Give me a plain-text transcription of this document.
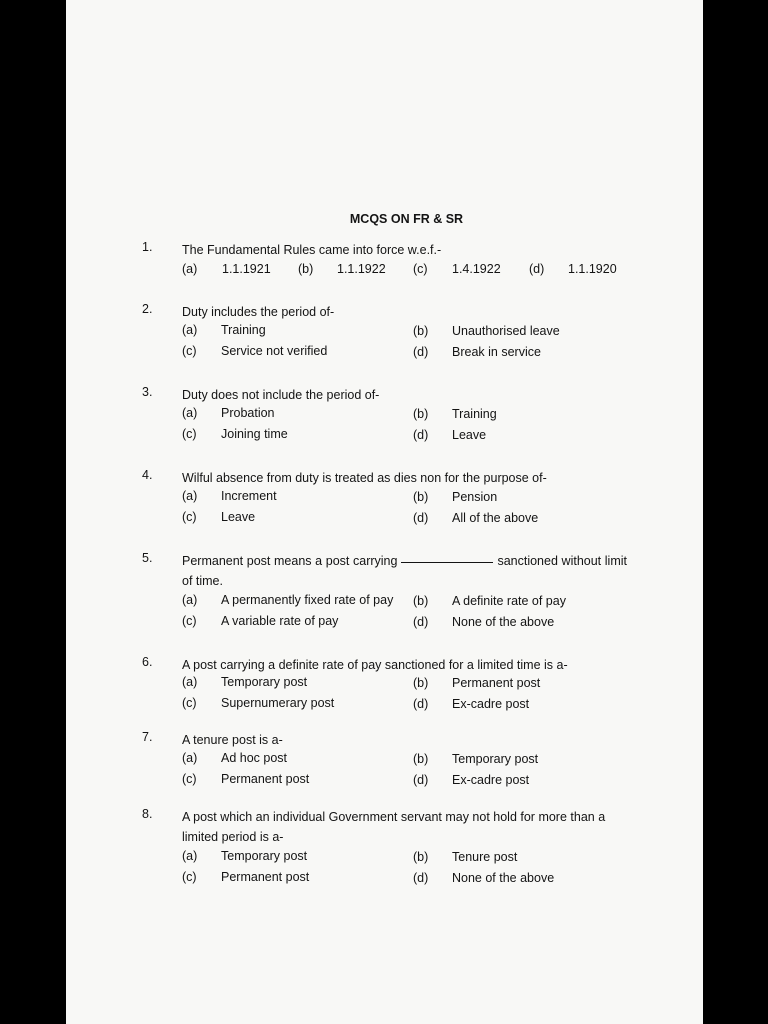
MCQS ON FR & SR
1. The Fundamental Rules came into force w.e.f.-
(a) 1.1.1921 (b) 1.1.1922 (c) 1.4.1922 (d) 1.1.1920
2. Duty includes the period of-
(a) Training	(b) Unauthorised leave
(c) Service not verified	(d) Break in service
3. Duty does not include the period of-
(a) Probation	(b) Training
(c) Joining time	(d) Leave
4. Wilful absence from duty is treated as dies non for the purpose of-
(a) Increment	(b) Pension
(c) Leave	(d) All of the above
5. Permanent post means a post carrying	sanctioned without limit of time.
(a) A permanently fixed rate of pay (b) A definite rate of pay
(c) A variable rate of pay	(d) None of the above
6. A post carrying a definite rate of pay sanctioned for a limited time is a-
(a) Temporary post	(b) Permanent post
(c) Supernumerary post	(d) Ex-cadre post
7. A tenure post is a-
(a) Ad hoc post	(b) Temporary post
(c) Permanent post	(d) Ex-cadre post
8. A post which an individual Government servant may not hold for more than a limited period is a-
(a) Temporary post	(b) Tenure post
(c) Permanent post	(d) None of the above
